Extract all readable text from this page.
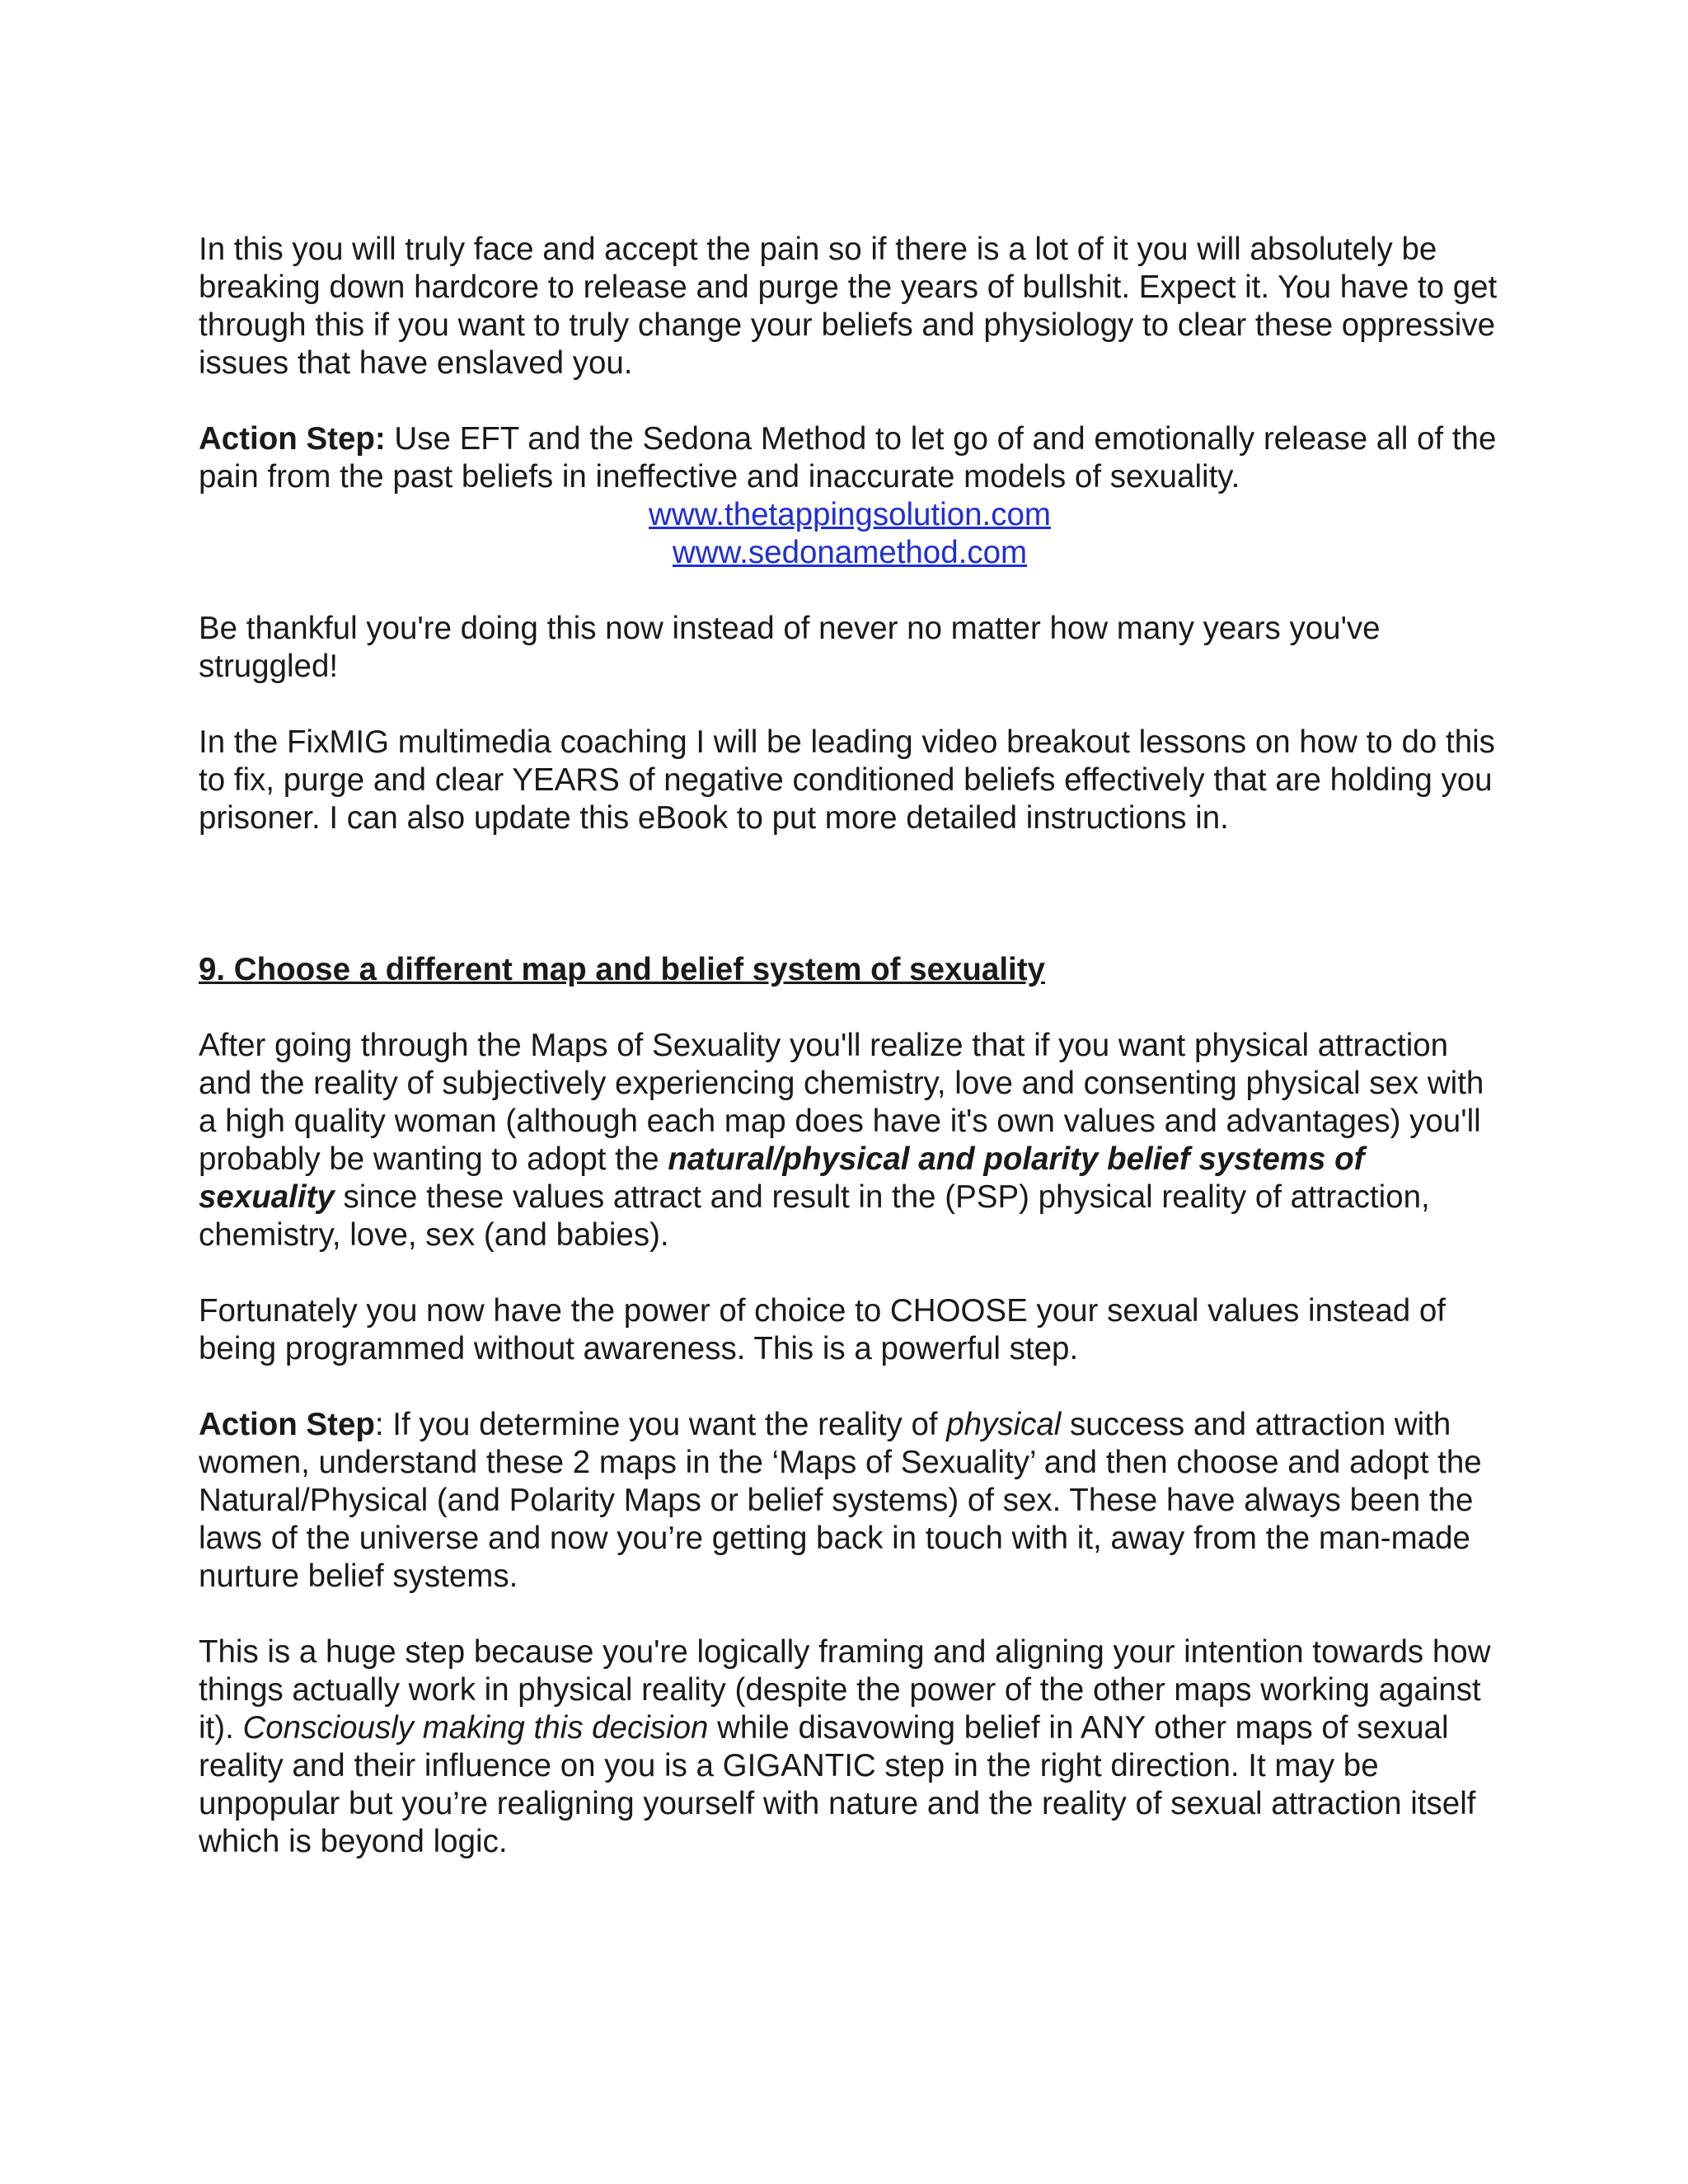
In this you will truly face and accept the pain so if there is a lot of it you will absolutely be breaking down hardcore to release and purge the years of bullshit. Expect it. You have to get through this if you want to truly change your beliefs and physiology to clear these oppressive issues that have enslaved you.

Action Step: Use EFT and the Sedona Method to let go of and emotionally release all of the pain from the past beliefs in ineffective and inaccurate models of sexuality.

www.thetappingsolution.com
www.sedonamethod.com

Be thankful you're doing this now instead of never no matter how many years you've struggled!

In the FixMIG multimedia coaching I will be leading video breakout lessons on how to do this to fix, purge and clear YEARS of negative conditioned beliefs effectively that are holding you prisoner. I can also update this eBook to put more detailed instructions in.

9. Choose a different map and belief system of sexuality

After going through the Maps of Sexuality you'll realize that if you want physical attraction and the reality of subjectively experiencing chemistry, love and consenting physical sex with a high quality woman (although each map does have it's own values and advantages) you'll probably be wanting to adopt the natural/physical and polarity belief systems of sexuality since these values attract and result in the (PSP) physical reality of attraction, chemistry, love, sex (and babies).

Fortunately you now have the power of choice to CHOOSE your sexual values instead of being programmed without awareness. This is a powerful step.

Action Step: If you determine you want the reality of physical success and attraction with women, understand these 2 maps in the ‘Maps of Sexuality’ and then choose and adopt the Natural/Physical (and Polarity Maps or belief systems) of sex. These have always been the laws of the universe and now you’re getting back in touch with it, away from the man-made nurture belief systems.

This is a huge step because you're logically framing and aligning your intention towards how things actually work in physical reality (despite the power of the other maps working against it). Consciously making this decision while disavowing belief in ANY other maps of sexual reality and their influence on you is a GIGANTIC step in the right direction. It may be unpopular but you’re realigning yourself with nature and the reality of sexual attraction itself which is beyond logic.
